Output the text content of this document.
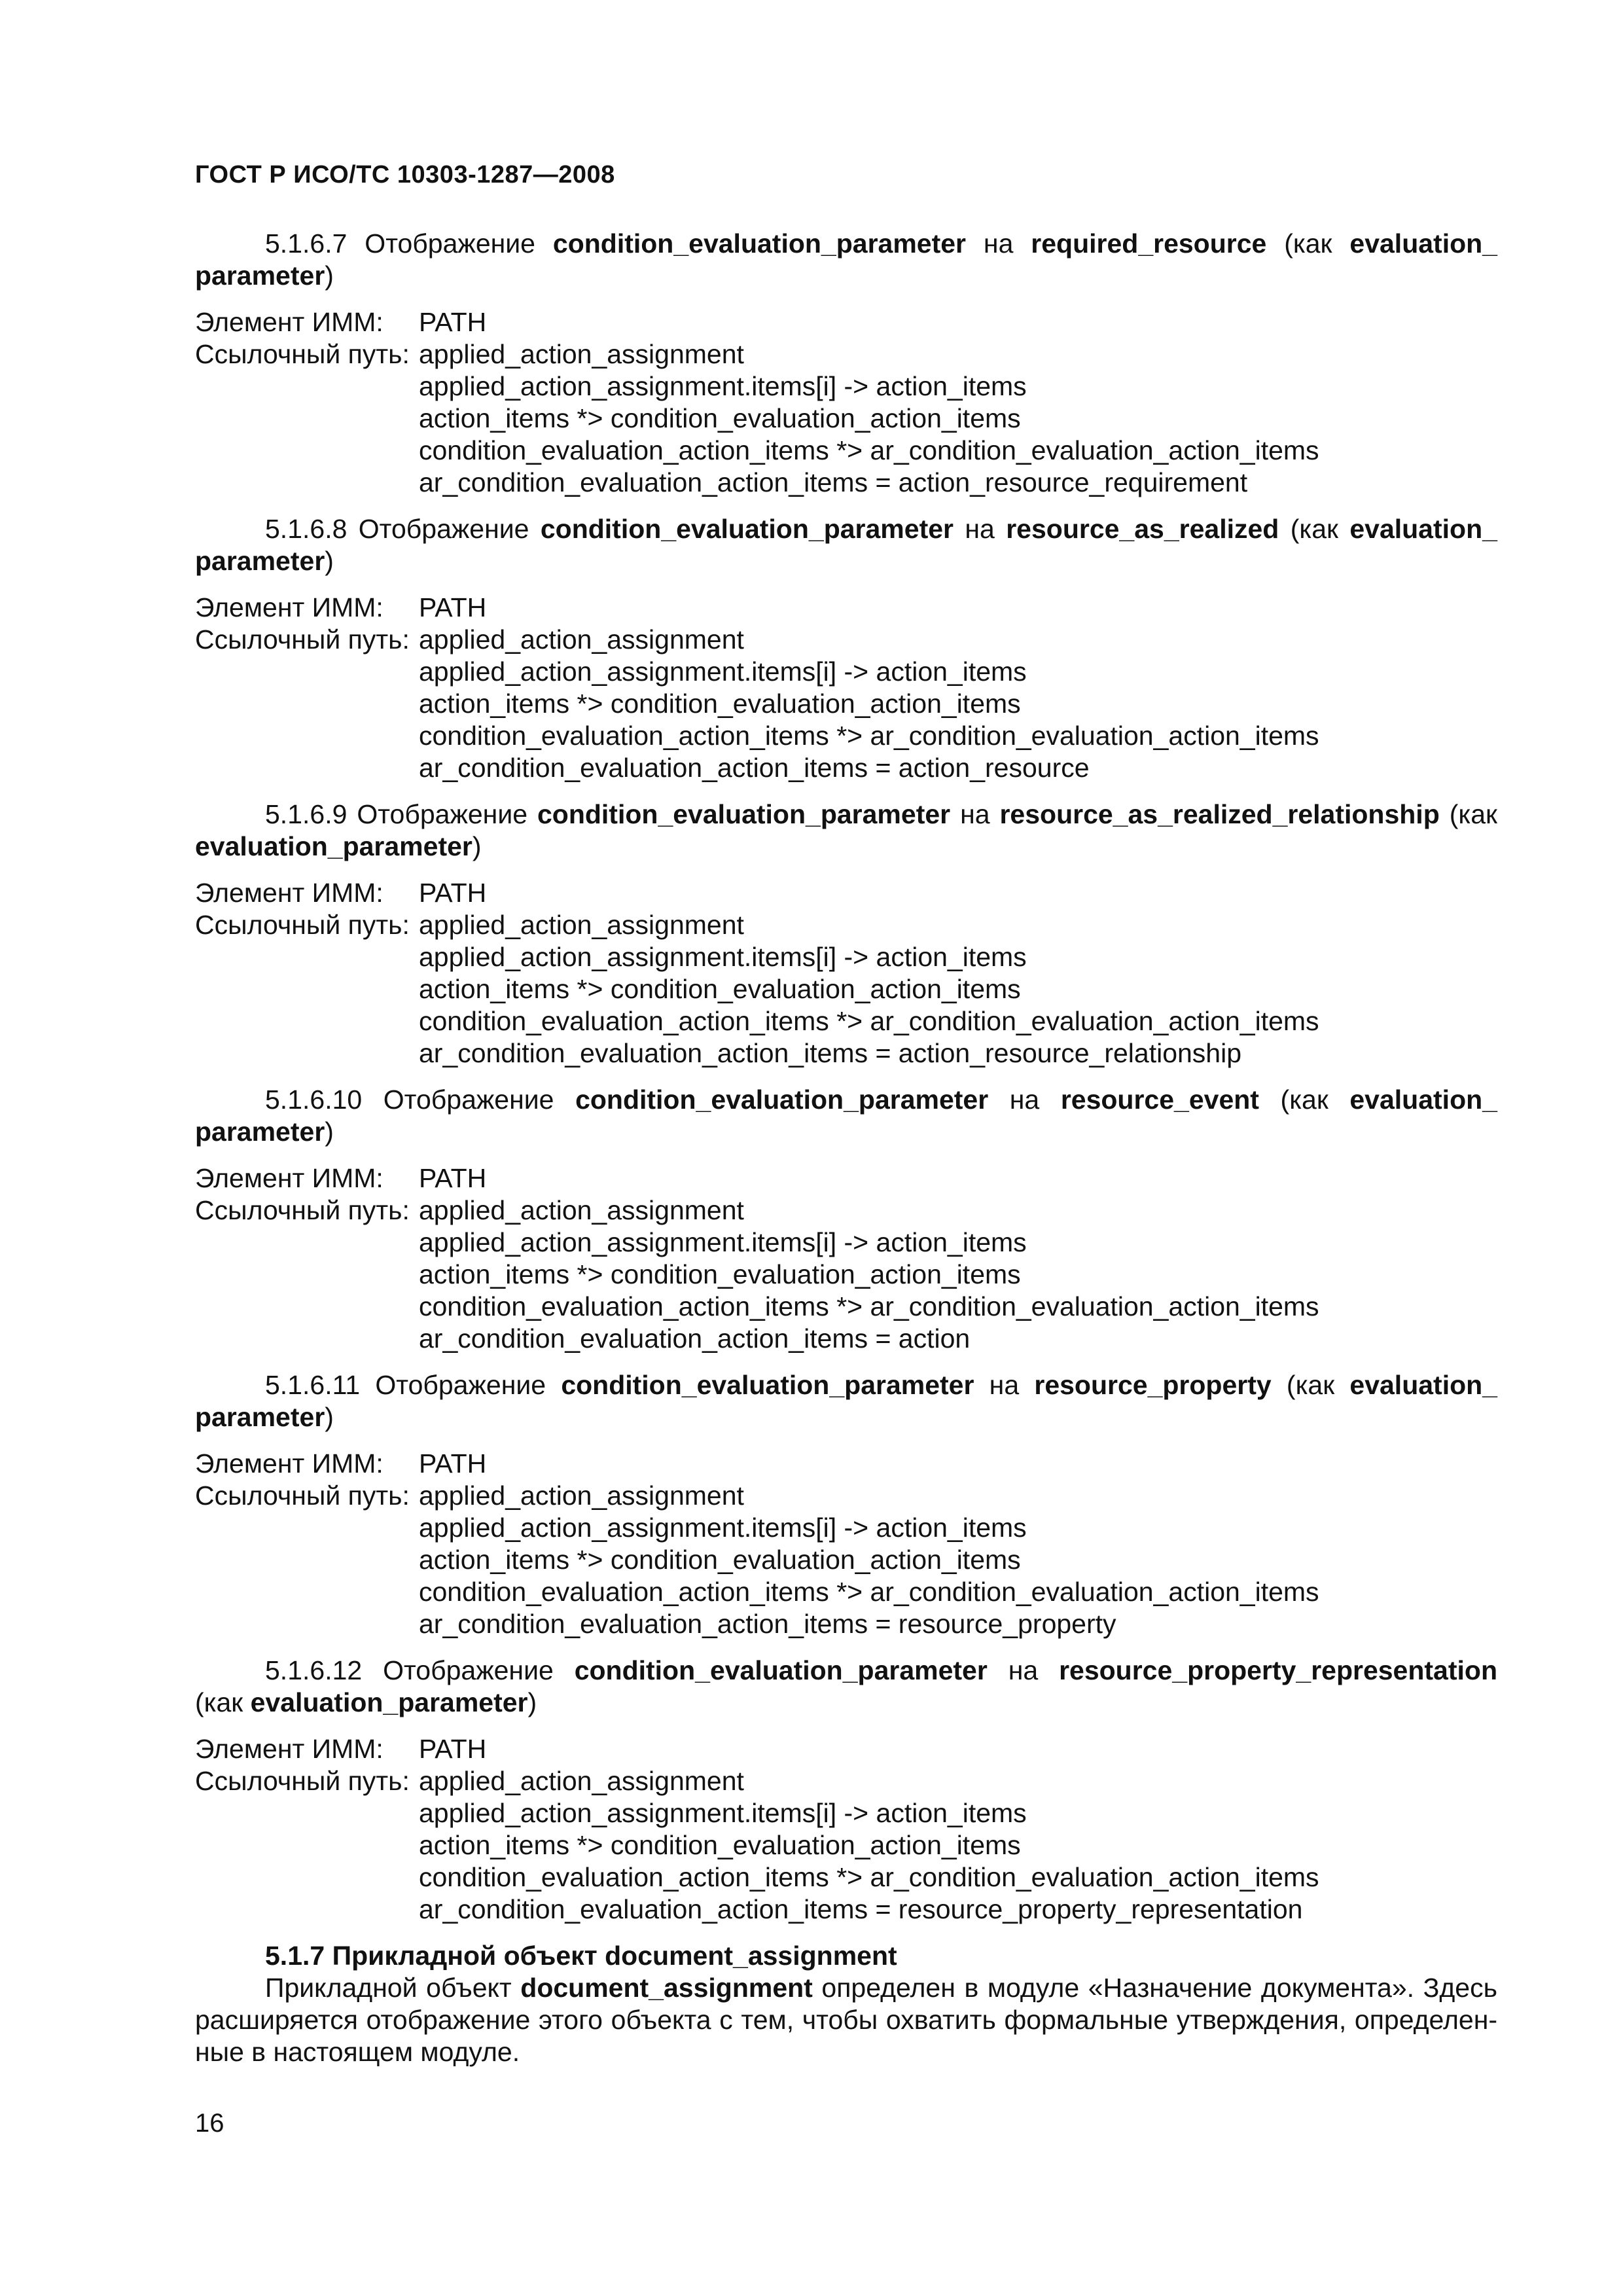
ГОСТ Р ИСО/ТС 10303-1287—2008
5.1.6.7 Отображение condition_evaluation_parameter на required_resource (как evaluation_ parameter)
Элемент ИММ:	PATH
Ссылочный путь: applied_action_assignment
applied_action_assignment.items[i] -> action_items
action_items *> condition_evaluation_action_items
condition_evaluation_action_items *> ar_condition_evaluation_action_items
ar_condition_evaluation_action_items = action_resource_requirement
5.1.6.8 Отображение condition_evaluation_parameter на resource_as_realized (как evaluation_ parameter)
Элемент ИММ:	PATH
Ссылочный путь: applied_action_assignment
applied_action_assignment.items[i] -> action_items
action_items *> condition_evaluation_action_items
condition_evaluation_action_items *> ar_condition_evaluation_action_items
ar_condition_evaluation_action_items = action_resource
5.1.6.9 Отображение condition_evaluation_parameter на resource_as_realized_relationship (как evaluation_parameter)
Элемент ИММ:	PATH
Ссылочный путь: applied_action_assignment
applied_action_assignment.items[i] -> action_items
action_items *> condition_evaluation_action_items
condition_evaluation_action_items *> ar_condition_evaluation_action_items
ar_condition_evaluation_action_items = action_resource_relationship
5.1.6.10 Отображение condition_evaluation_parameter на resource_event (как evaluation_ parameter)
Элемент ИММ:	PATH
Ссылочный путь: applied_action_assignment
applied_action_assignment.items[i] -> action_items
action_items *> condition_evaluation_action_items
condition_evaluation_action_items *> ar_condition_evaluation_action_items
ar_condition_evaluation_action_items = action
5.1.6.11 Отображение condition_evaluation_parameter на resource_property (как evaluation_ parameter)
Элемент ИММ:	PATH
Ссылочный путь: applied_action_assignment
applied_action_assignment.items[i] -> action_items
action_items *> condition_evaluation_action_items
condition_evaluation_action_items *> ar_condition_evaluation_action_items
ar_condition_evaluation_action_items = resource_property
5.1.6.12 Отображение condition_evaluation_parameter на resource_property_representation (как evaluation_parameter)
Элемент ИММ:	PATH
Ссылочный путь: applied_action_assignment
applied_action_assignment.items[i] -> action_items
action_items *> condition_evaluation_action_items
condition_evaluation_action_items *> ar_condition_evaluation_action_items
ar_condition_evaluation_action_items = resource_property_representation
5.1.7 Прикладной объект document_assignment
Прикладной объект document_assignment определен в модуле «Назначение документа». Здесь расширяется отображение этого объекта с тем, чтобы охватить формальные утверждения, определен-ные в настоящем модуле.
16
